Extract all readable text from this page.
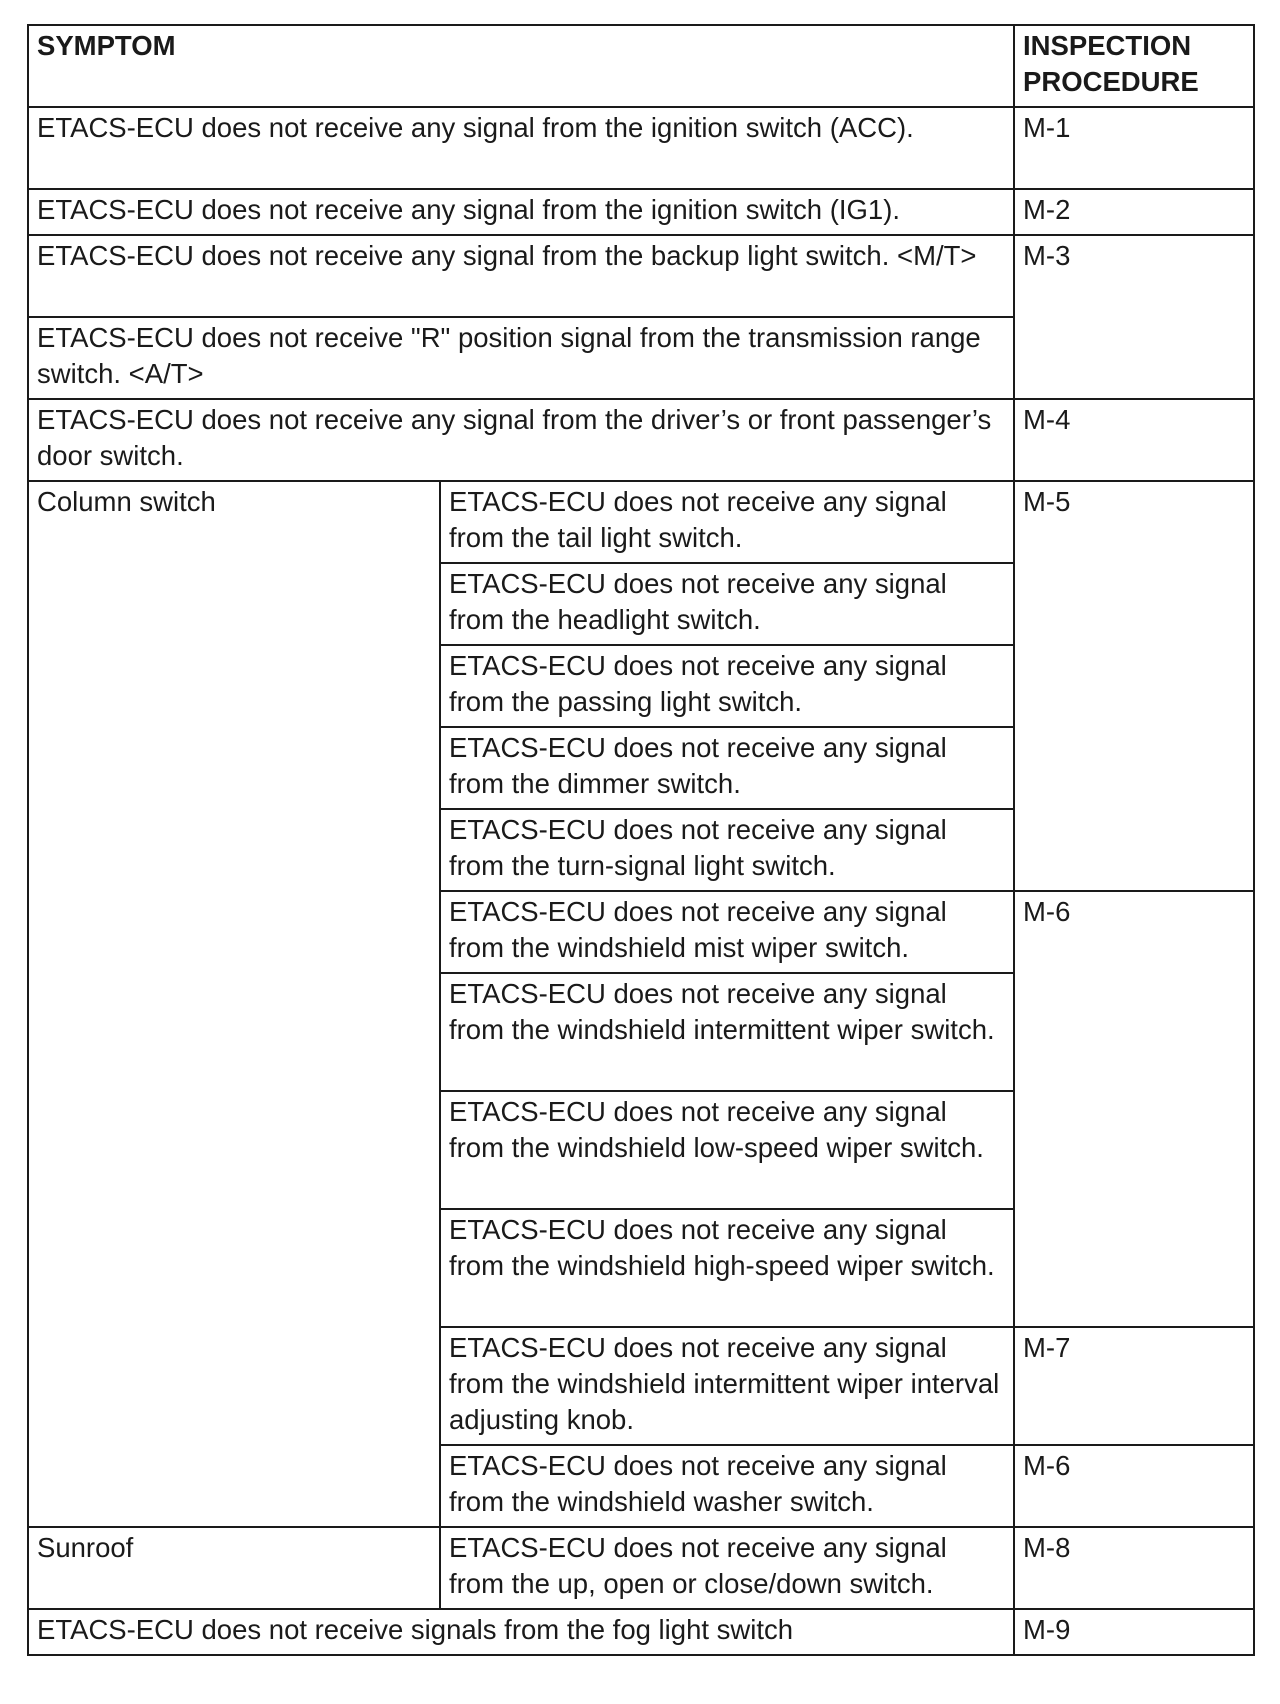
SYMPTOM		INSPECTION PROCEDURE
ETACS-ECU does not receive any signal from the ignition switch (ACC).		M-1
ETACS-ECU does not receive any signal from the ignition switch (IG1).		M-2
ETACS-ECU does not receive any signal from the backup light switch. <M/T>		M-3
ETACS-ECU does not receive "R" position signal from the transmission range switch. <A/T>		
ETACS-ECU does not receive any signal from the driver’s or front passenger’s door switch.		M-4
Column switch	ETACS-ECU does not receive any signal from the tail light switch.	M-5
	ETACS-ECU does not receive any signal from the headlight switch.	
	ETACS-ECU does not receive any signal from the passing light switch.	
	ETACS-ECU does not receive any signal from the dimmer switch.	
	ETACS-ECU does not receive any signal from the turn-signal light switch.	
	ETACS-ECU does not receive any signal from the windshield mist wiper switch.	M-6
	ETACS-ECU does not receive any signal from the windshield intermittent wiper switch.	
	ETACS-ECU does not receive any signal from the windshield low-speed wiper switch.	
	ETACS-ECU does not receive any signal from the windshield high-speed wiper switch.	
	ETACS-ECU does not receive any signal from the windshield intermittent wiper interval adjusting knob.	M-7
	ETACS-ECU does not receive any signal from the windshield washer switch.	M-6
Sunroof	ETACS-ECU does not receive any signal from the up, open or close/down switch.	M-8
ETACS-ECU does not receive signals from the fog light switch		M-9
